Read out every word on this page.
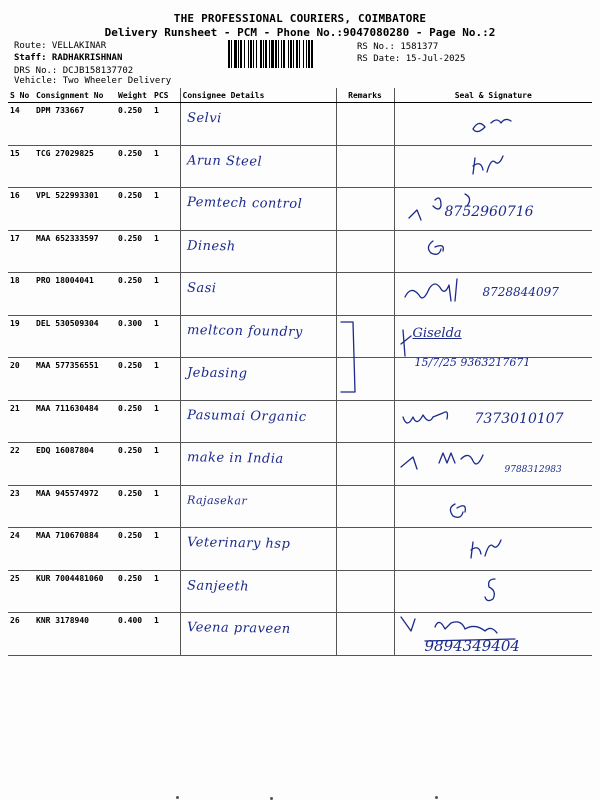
THE PROFESSIONAL COURIERS, COIMBATORE
Delivery Runsheet - PCM - Phone No.:9047080280 - Page No.:2
Route: VELLAKINAR
Staff: RADHAKRISHNAN
DRS No.: DCJB158137702
Vehicle: Two Wheeler Delivery
RS No.: 1581377
RS Date: 15-Jul-2025
S No	Consignment No	Weight	PCS	Consignee Details	Remarks	Seal & Signature
14	DPM 733667	0.250	1	Selvi

15	TCG 27029825	0.250	1	Arun Steel

16	VPL 522993301	0.250	1	Pemtech control		8752960716

17	MAA 652333597	0.250	1	Dinesh

18	PRO 18004041	0.250	1	Sasi		8728844097

19	DEL 530509304	0.300	1	meltcon foundry		Giselda

20	MAA 577356551	0.250	1	Jebasing		15/7/25 9363217671

21	MAA 711630484	0.250	1	Pasumai Organic		7373010107

22	EDQ 16087804	0.250	1	make in India		9788312983

23	MAA 945574972	0.250	1	Rajasekar

24	MAA 710670884	0.250	1	Veterinary hsp

25	KUR 7004481060	0.250	1	Sanjeeth

26	KNR 3178940	0.400	1	Veena praveen		9894349404
